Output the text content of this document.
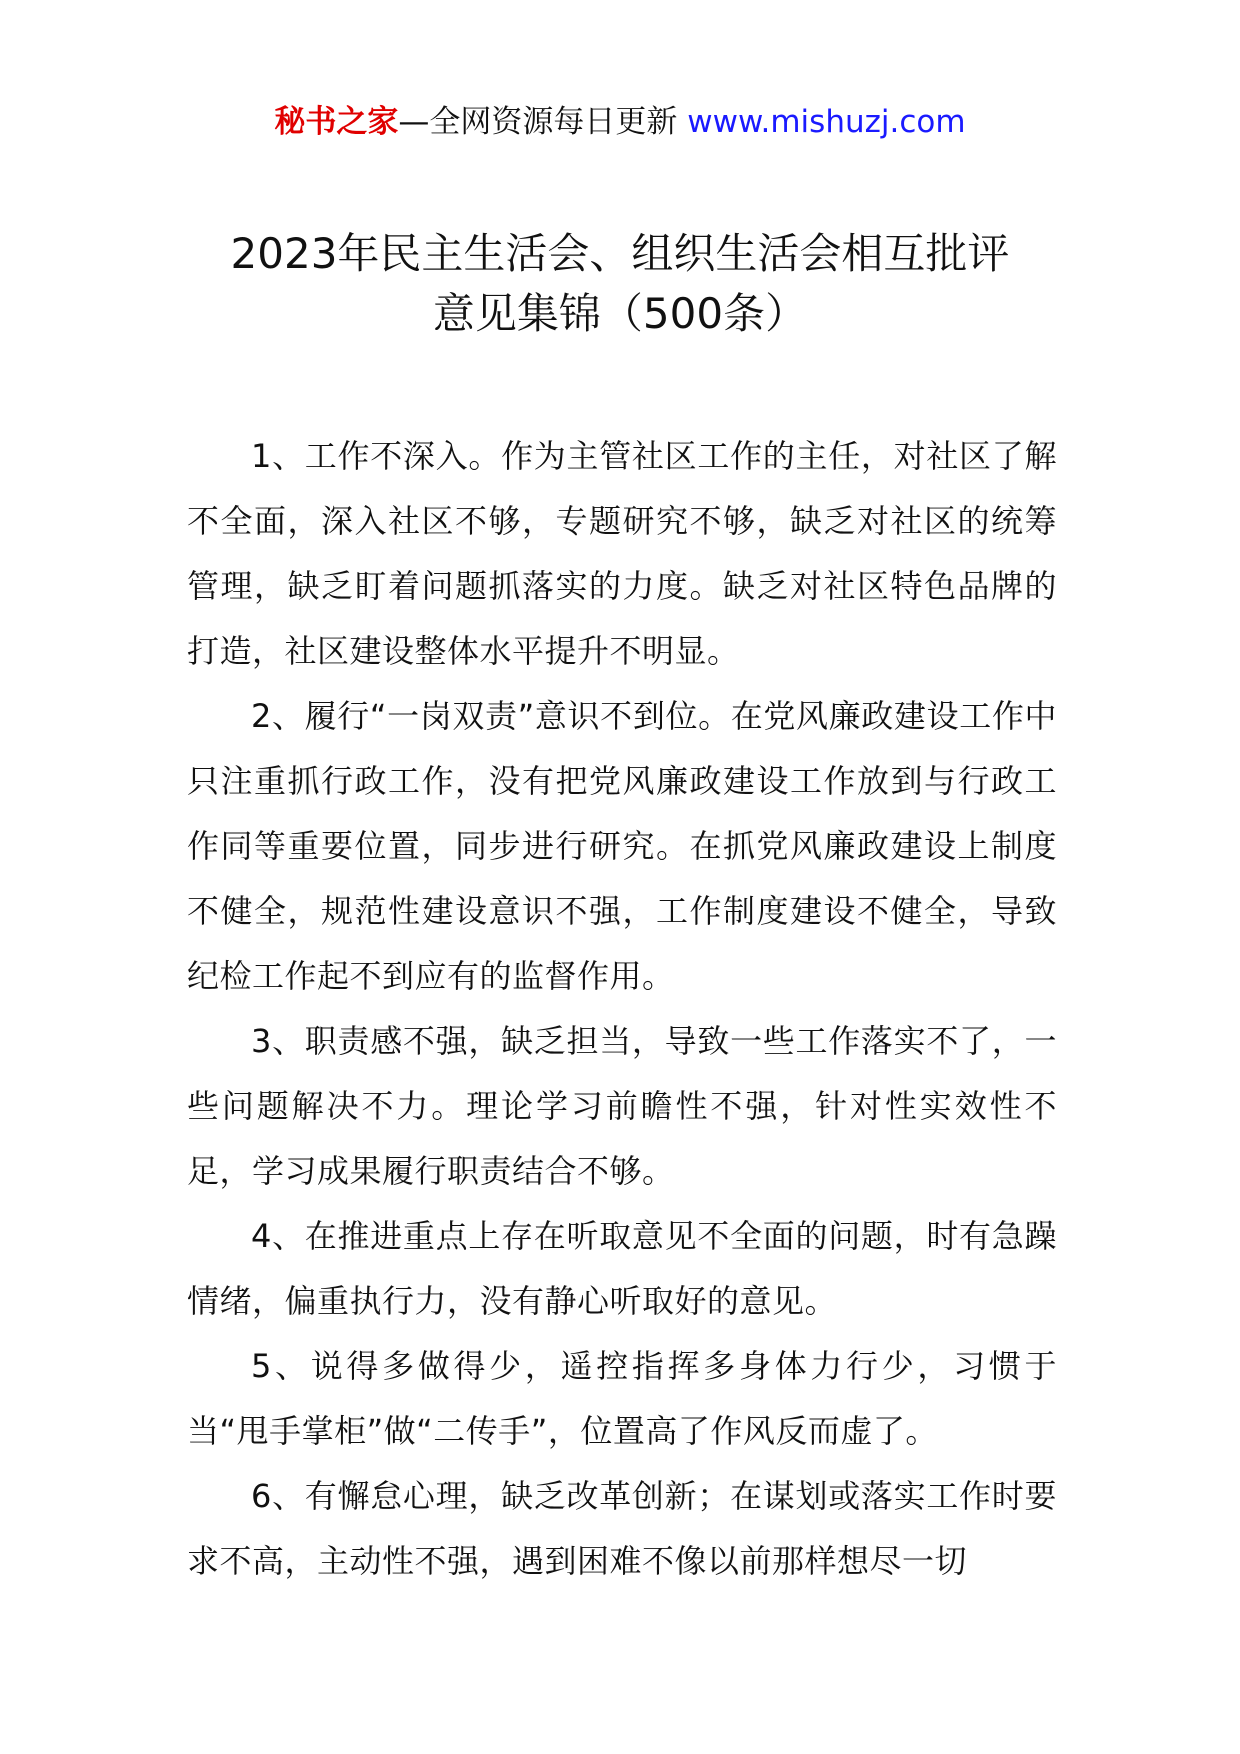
秘书之家—全网资源每日更新 www.mishuzj.com
2023年民主生活会、组织生活会相互批评
意见集锦（500条）

1、工作不深入。作为主管社区工作的主任，对社区了解不全面，深入社区不够，专题研究不够，缺乏对社区的统筹管理，缺乏盯着问题抓落实的力度。缺乏对社区特色品牌的打造，社区建设整体水平提升不明显。

2、履行“一岗双责”意识不到位。在党风廉政建设工作中只注重抓行政工作，没有把党风廉政建设工作放到与行政工作同等重要位置，同步进行研究。在抓党风廉政建设上制度不健全，规范性建设意识不强，工作制度建设不健全，导致纪检工作起不到应有的监督作用。

3、职责感不强，缺乏担当，导致一些工作落实不了，一些问题解决不力。理论学习前瞻性不强，针对性实效性不足，学习成果履行职责结合不够。

4、在推进重点上存在听取意见不全面的问题，时有急躁情绪，偏重执行力，没有静心听取好的意见。

5、说得多做得少，遥控指挥多身体力行少，习惯于当“甩手掌柜”做“二传手”，位置高了作风反而虚了。

6、有懈怠心理，缺乏改革创新；在谋划或落实工作时要求不高，主动性不强，遇到困难不像以前那样想尽一切
